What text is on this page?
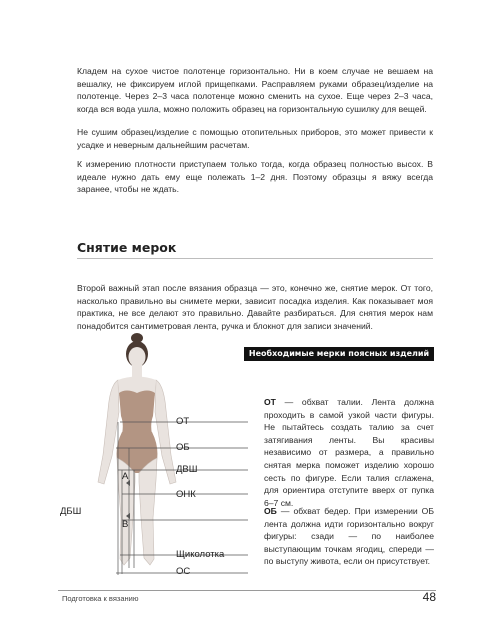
Кладем на сухое чистое полотенце горизонтально. Ни в коем случае не вешаем на вешалку, не фиксируем иглой прищепками. Расправляем руками образец/изделие на полотенце. Через 2–3 часа полотенце можно сменить на сухое. Еще через 2–3 часа, когда вся вода ушла, можно положить образец на горизонтальную сушилку для вещей.

Не сушим образец/изделие с помощью отопительных приборов, это может привести к усадке и неверным дальнейшим расчетам.

К измерению плотности приступаем только тогда, когда образец полностью высох. В идеале нужно дать ему еще полежать 1–2 дня. Поэтому образцы я вяжу всегда заранее, чтобы не ждать.

Снятие мерок

Второй важный этап после вязания образца — это, конечно же, снятие мерок. От того, насколько правильно вы снимете мерки, зависит посадка изделия. Как показывает моя практика, не все делают это правильно. Давайте разбираться. Для снятия мерок нам понадобится сантиметровая лента, ручка и блокнот для записи значений.

ОТ
ОБ
ДВШ
ОНК
ДБШ
А
В
Щиколотка
ОС
Необходимые мерки поясных изделий

ОТ — обхват талии. Лента должна проходить в самой узкой части фигуры. Не пытайтесь создать талию за счет затягивания ленты. Вы красивы независимо от размера, а правильно снятая мерка поможет изделию хорошо сесть по фигуре. Если талия сглажена, для ориентира отступите вверх от пупка 6–7 см.

ОБ — обхват бедер. При измерении ОБ лента должна идти горизонтально вокруг фигуры: сзади — по наиболее выступающим точкам ягодиц, спереди — по выступу живота, если он присутствует.

Подготовка к вязанию	48
